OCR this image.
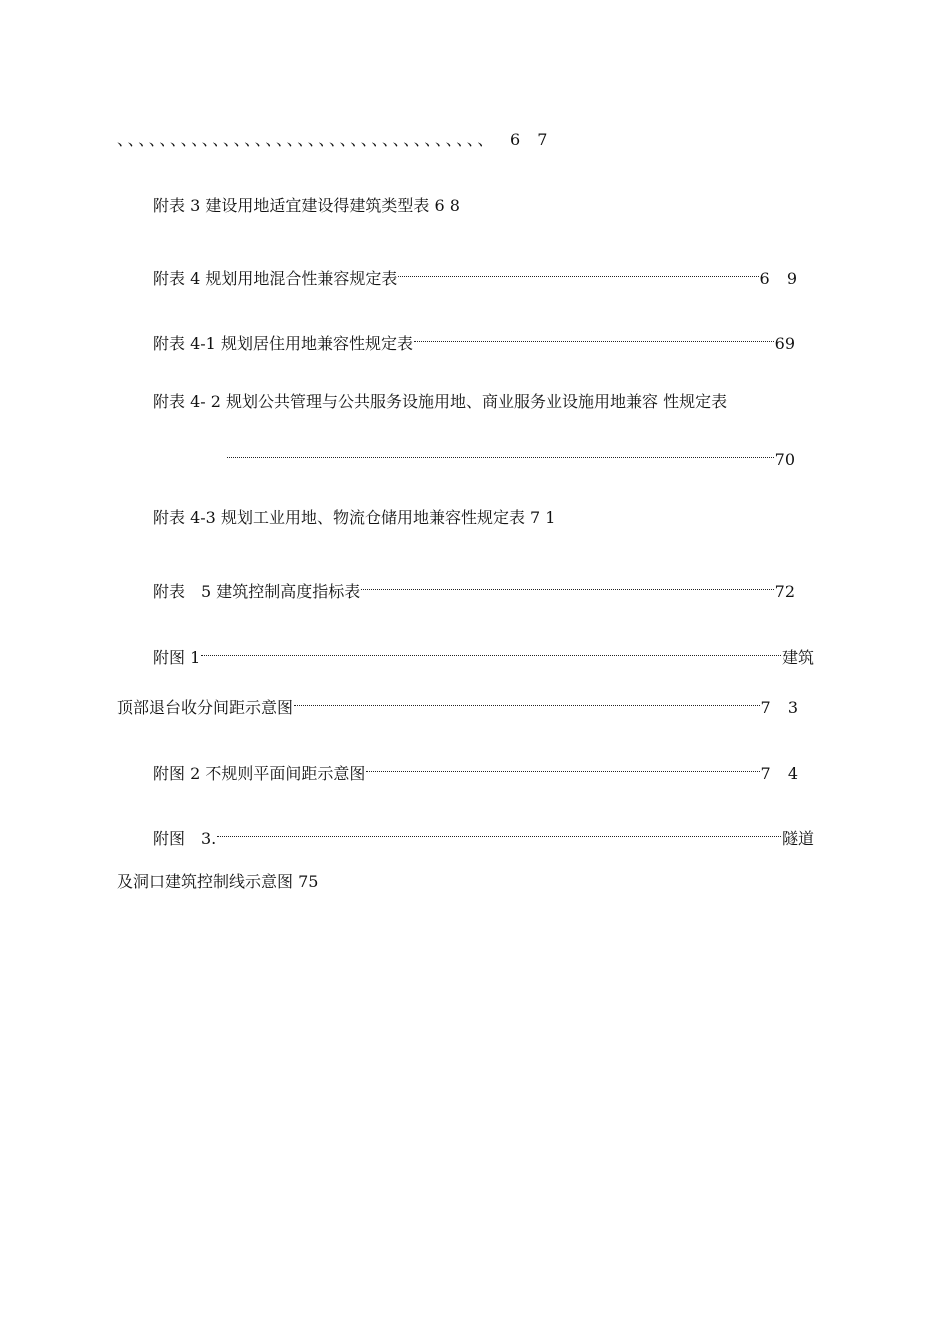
、、、、、、、、、、、、、、、、、、、、、、、、、、、、、、、、、、、 6 7
附表 3 建设用地适宜建设得建筑类型表 6 8
附表 4 规划用地混合性兼容规定表	6 9
附表 4-1 规划居住用地兼容性规定表	69
附表 4- 2 规划公共管理与公共服务设施用地、商业服务业设施用地兼容 性规定表
70
附表 4-3 规划工业用地、物流仓储用地兼容性规定表 7 1
附表　5 建筑控制高度指标表	72
附图 1	建筑
顶部退台收分间距示意图	7 3
附图 2 不规则平面间距示意图	7 4
附图　3.	隧道
及洞口建筑控制线示意图 75
